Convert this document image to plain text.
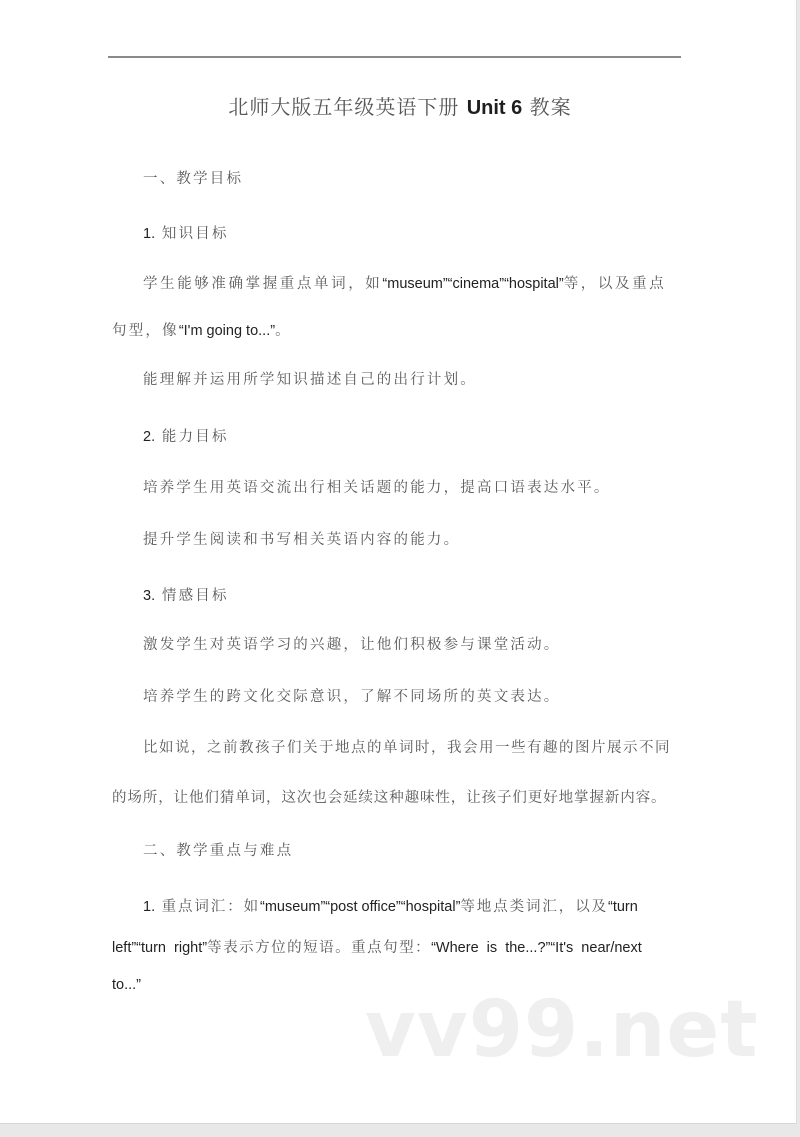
北师大版五年级英语下册 Unit 6 教案
一、教学目标
1. 知识目标
学生能够准确掌握重点单词，如“museum”“cinema”“hospital”等，以及重点
句型，像“I'm going to...”。
能理解并运用所学知识描述自己的出行计划。
2. 能力目标
培养学生用英语交流出行相关话题的能力，提高口语表达水平。
提升学生阅读和书写相关英语内容的能力。
3. 情感目标
激发学生对英语学习的兴趣，让他们积极参与课堂活动。
培养学生的跨文化交际意识，了解不同场所的英文表达。
比如说，之前教孩子们关于地点的单词时，我会用一些有趣的图片展示不同
的场所，让他们猜单词，这次也会延续这种趣味性，让孩子们更好地掌握新内容。
二、教学重点与难点
1. 重点词汇：如“museum”“post office”“hospital”等地点类词汇，以及“turn
left”“turn  right”等表示方位的短语。重点句型：“Where  is  the...?”“It's  near/next
to...”	vv99.net
